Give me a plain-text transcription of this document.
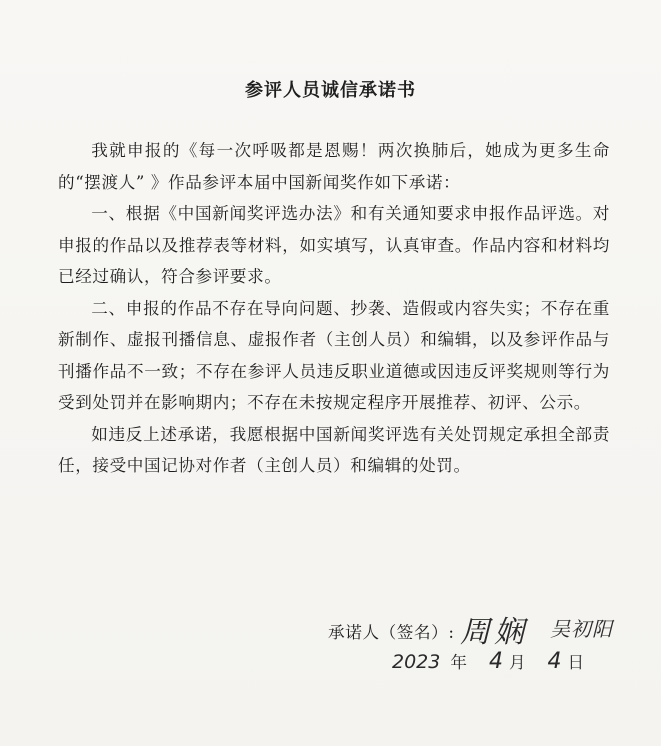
参评人员诚信承诺书

我就申报的《每一次呼吸都是恩赐！两次换肺后，她成为更多生命的“摆渡人” 》作品参评本届中国新闻奖作如下承诺：

一、根据《中国新闻奖评选办法》和有关通知要求申报作品评选。对申报的作品以及推荐表等材料，如实填写，认真审查。作品内容和材料均已经过确认，符合参评要求。

二、申报的作品不存在导向问题、抄袭、造假或内容失实；不存在重新制作、虚报刊播信息、虚报作者（主创人员）和编辑，以及参评作品与刊播作品不一致；不存在参评人员违反职业道德或因违反评奖规则等行为受到处罚并在影响期内；不存在未按规定程序开展推荐、初评、公示。

如违反上述承诺，我愿根据中国新闻奖评选有关处罚规定承担全部责任，接受中国记协对作者（主创人员）和编辑的处罚。

承诺人（签名）: 周娴 吴初阳
2023 年 4 月 4 日
